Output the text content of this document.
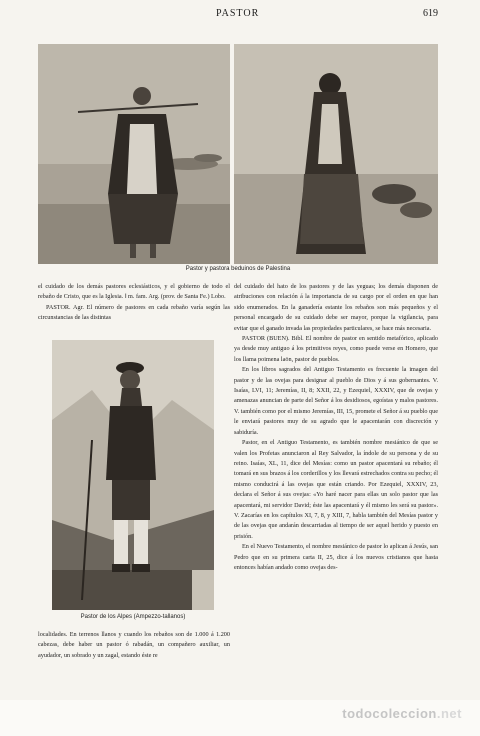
PASTOR	619
Pastor y pastora beduinos de Palestina

el cuidado de los demás pastores eclesiásticos, y el gobierno de todo el rebaño de Cristo, que es la Iglesia. ‖ m. fam. Arg. (prov. de Santa Fe.) Lobo.

PASTOR. Agr. El número de pastores en cada rebaño varía según las circunstancias de las distintas

Pastor de los Alpes (Ampezzo-tallanos)

del cuidado del hato de los pastores y de las yeguas; los demás disponen de atribuciones con relación á la importancia de su cargo por el orden en que han sido enumerados. En la ganadería estante los rebaños son más pequeños y el personal encargado de su cuidado debe ser mayor, porque la vigilancia, para evitar que el ganado invada las propiedades particulares, se hace más necesaria.

PASTOR (BUEN). Bibl. El nombre de pastor en sentido metafórico, aplicado ya desde muy antiguo á los primitivos reyes, como puede verse en Homero, que los llama poimena laōn, pastor de pueblos.

En los libros sagrados del Antiguo Testamento es frecuente la imagen del pastor y de las ovejas para designar al pueblo de Dios y á sus gobernantes. V. Isaías, LVI, 11; Jeremías, II, 8; XXII, 22, y Ezequiel, XXXIV, que de ovejas y amenazas anuncian de parte del Señor á los desidiosos, egoístas y malos pastores. V. también como por el mismo Jeremías, III, 15, promete el Señor á su pueblo que le enviará pastores muy de su agrado que le apacentarán con discreción y sabiduría.

Pastor, en el Antiguo Testamento, es también nombre mesiánico de que se valen los Profetas anunciaron al Rey Salvador, la índole de su persona y de su reino. Isaías, XL, 11, dice del Mesías: como un pastor apacentará su rebaño; él tomará en sus brazos á los corderillos y los llevará estrechados contra su pecho; él mismo conducirá á las ovejas que están criando. Por Ezequiel, XXXIV, 23, declara el Señor á sus ovejas: «Yo haré nacer para ellas un solo pastor que las apacentará, mi servidor David; éste las apacentará y él mismo les será su pastor». V. Zacarías en los capítulos XI, 7, 8, y XIII, 7, habla también del Mesías pastor y de las ovejas que andarán descarriadas al tiempo de ser aquel herido y puesto en prisión.

En el Nuevo Testamento, el nombre mesiánico de pastor lo aplican á Jesús, san Pedro que en su primera carta II, 25, dice á los nuevos cristianos que hasta entonces habían andado como ovejas des-

localidades. En terrenos llanos y cuando los rebaños son de 1.000 á 1.200 cabezas, debe haber un pastor ó rabadán, un compañero auxiliar, un ayudador, un sobrado y un zagal, estando éste re
todocoleccion.net
